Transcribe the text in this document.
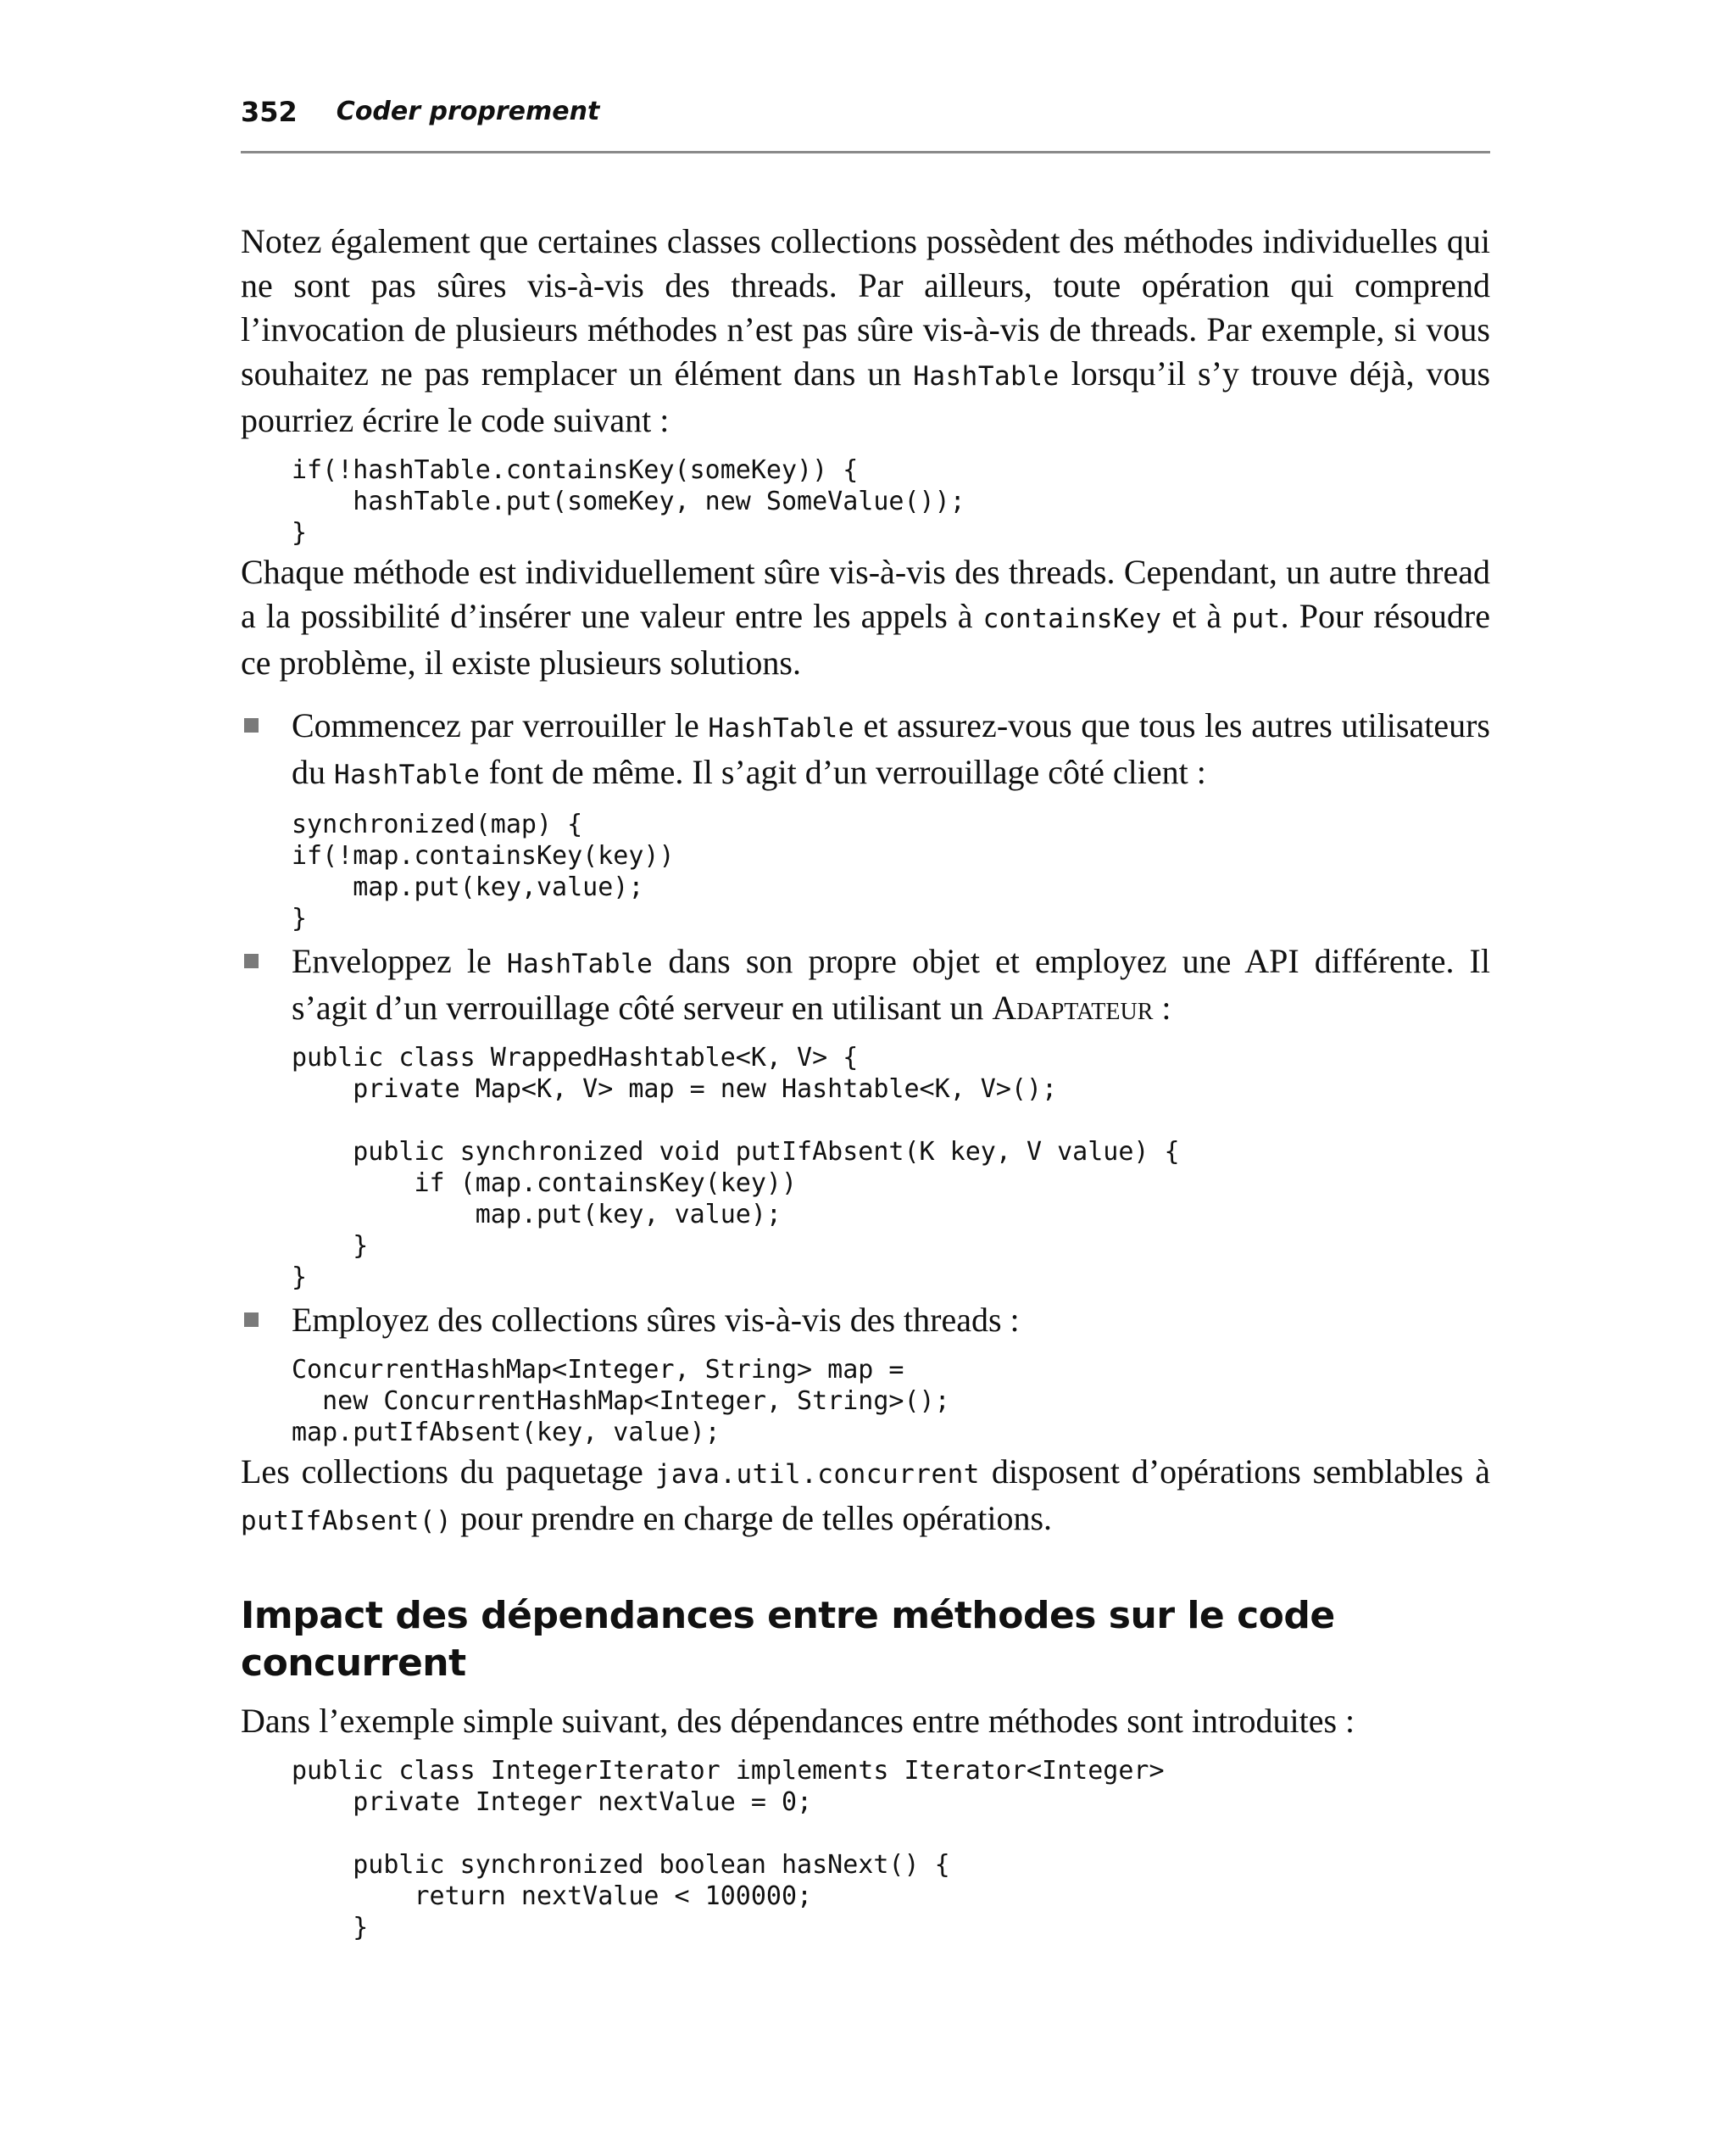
352 Coder proprement

Notez également que certaines classes collections possèdent des méthodes individuelles qui ne sont pas sûres vis-à-vis des threads. Par ailleurs, toute opération qui comprend l’invocation de plusieurs méthodes n’est pas sûre vis-à-vis de threads. Par exemple, si vous souhaitez ne pas remplacer un élément dans un HashTable lorsqu’il s’y trouve déjà, vous pourriez écrire le code suivant :

if(!hashTable.containsKey(someKey)) {
hashTable.put(someKey, new SomeValue());
}

Chaque méthode est individuellement sûre vis-à-vis des threads. Cependant, un autre thread a la possibilité d’insérer une valeur entre les appels à containsKey et à put. Pour résoudre ce problème, il existe plusieurs solutions.

Commencez par verrouiller le HashTable et assurez-vous que tous les autres utilisateurs du HashTable font de même. Il s’agit d’un verrouillage côté client :

synchronized(map) {
if(!map.containsKey(key))
map.put(key,value);
}

Enveloppez le HashTable dans son propre objet et employez une API différente. Il s’agit d’un verrouillage côté serveur en utilisant un Adaptateur :

public class WrappedHashtable<K, V> {
private Map<K, V> map = new Hashtable<K, V>();

public synchronized void putIfAbsent(K key, V value) {
if (map.containsKey(key))
map.put(key, value);
}
}

Employez des collections sûres vis-à-vis des threads :

ConcurrentHashMap<Integer, String> map =
new ConcurrentHashMap<Integer, String>();
map.putIfAbsent(key, value);

Les collections du paquetage java.util.concurrent disposent d’opérations semblables à putIfAbsent() pour prendre en charge de telles opérations.

Impact des dépendances entre méthodes sur le code concurrent

Dans l’exemple simple suivant, des dépendances entre méthodes sont introduites :

public class IntegerIterator implements Iterator<Integer>
private Integer nextValue = 0;

public synchronized boolean hasNext() {
return nextValue < 100000;
}
